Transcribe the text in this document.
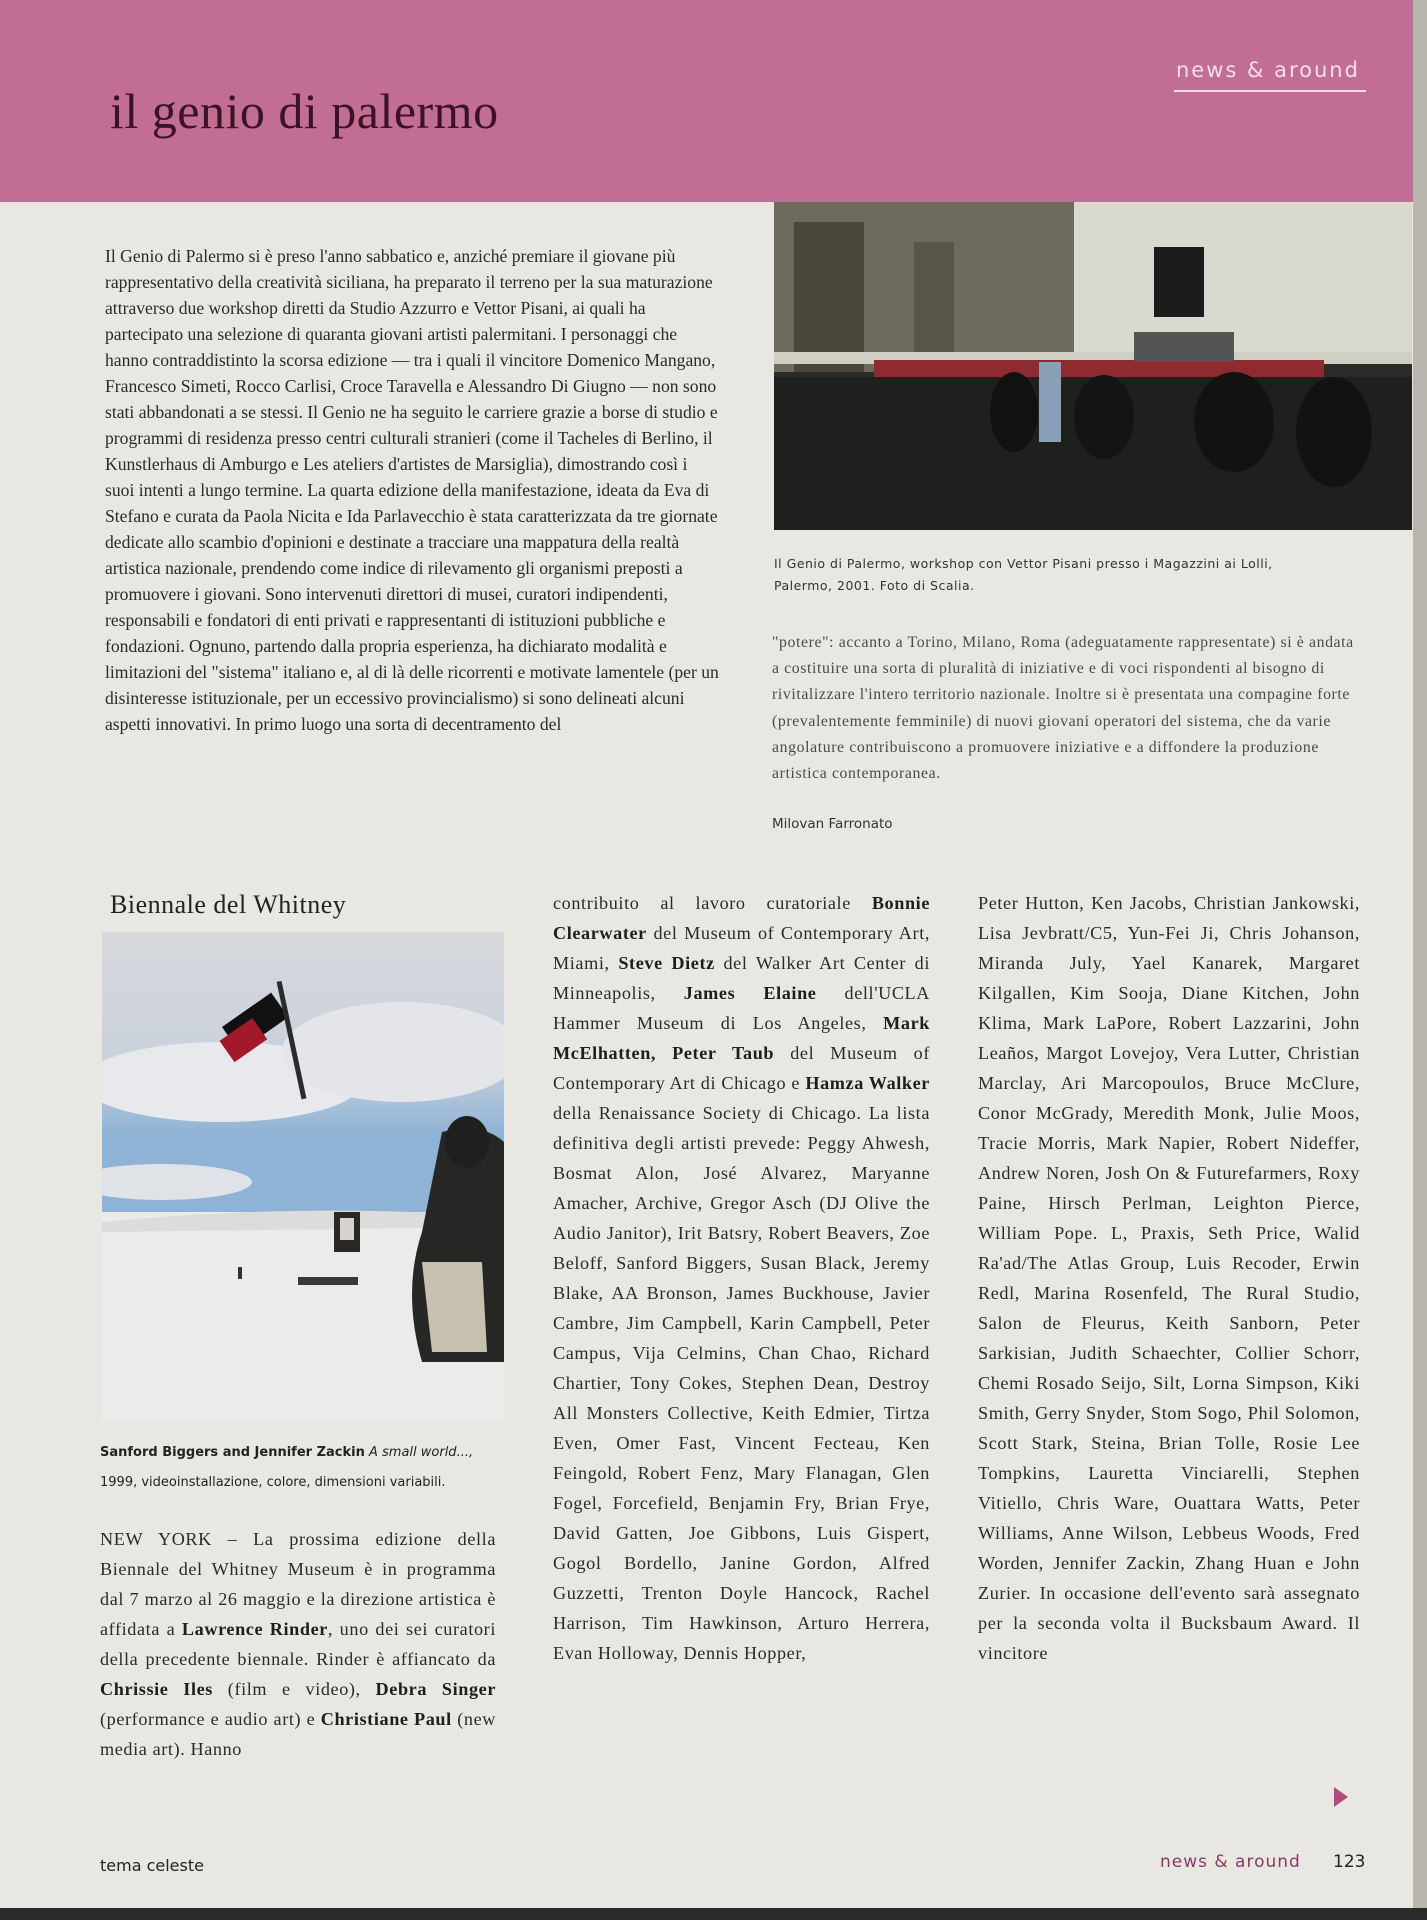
news & around
il genio di palermo

Il Genio di Palermo si è preso l'anno sabbatico e, anziché premiare il giovane più rappresentativo della creatività siciliana, ha preparato il terreno per la sua maturazione attraverso due workshop diretti da Studio Azzurro e Vettor Pisani, ai quali ha partecipato una selezione di quaranta giovani artisti palermitani. I personaggi che hanno contraddistinto la scorsa edizione — tra i quali il vincitore Domenico Mangano, Francesco Simeti, Rocco Carlisi, Croce Taravella e Alessandro Di Giugno — non sono stati abbandonati a se stessi. Il Genio ne ha seguito le carriere grazie a borse di studio e programmi di residenza presso centri culturali stranieri (come il Tacheles di Berlino, il Kunstlerhaus di Amburgo e Les ateliers d'artistes de Marsiglia), dimostrando così i suoi intenti a lungo termine. La quarta edizione della manifestazione, ideata da Eva di Stefano e curata da Paola Nicita e Ida Parlavecchio è stata caratterizzata da tre giornate dedicate allo scambio d'opinioni e destinate a tracciare una mappatura della realtà artistica nazionale, prendendo come indice di rilevamento gli organismi preposti a promuovere i giovani. Sono intervenuti direttori di musei, curatori indipendenti, responsabili e fondatori di enti privati e rappresentanti di istituzioni pubbliche e fondazioni. Ognuno, partendo dalla propria esperienza, ha dichiarato modalità e limitazioni del "sistema" italiano e, al di là delle ricorrenti e motivate lamentele (per un disinteresse istituzionale, per un eccessivo provincialismo) si sono delineati alcuni aspetti innovativi. In primo luogo una sorta di decentramento del

Il Genio di Palermo, workshop con Vettor Pisani presso i Magazzini ai Lolli, Palermo, 2001. Foto di Scalia.

"potere": accanto a Torino, Milano, Roma (adeguatamente rappresentate) si è andata a costituire una sorta di pluralità di iniziative e di voci rispondenti al bisogno di rivitalizzare l'intero territorio nazionale. Inoltre si è presentata una compagine forte (prevalentemente femminile) di nuovi giovani operatori del sistema, che da varie angolature contribuiscono a promuovere iniziative e a diffondere la produzione artistica contemporanea.

Milovan Farronato
Biennale del Whitney

Sanford Biggers and Jennifer Zackin A small world...,
1999, videoinstallazione, colore, dimensioni variabili.

NEW YORK – La prossima edizione della Biennale del Whitney Museum è in programma dal 7 marzo al 26 maggio e la direzione artistica è affidata a Lawrence Rinder, uno dei sei curatori della precedente biennale. Rinder è affiancato da Chrissie Iles (film e video), Debra Singer (performance e audio art) e Christiane Paul (new media art). Hanno

contribuito al lavoro curatoriale Bonnie Clearwater del Museum of Contemporary Art, Miami, Steve Dietz del Walker Art Center di Minneapolis, James Elaine dell'UCLA Hammer Museum di Los Angeles, Mark McElhatten, Peter Taub del Museum of Contemporary Art di Chicago e Hamza Walker della Renaissance Society di Chicago. La lista definitiva degli artisti prevede: Peggy Ahwesh, Bosmat Alon, José Alvarez, Maryanne Amacher, Archive, Gregor Asch (DJ Olive the Audio Janitor), Irit Batsry, Robert Beavers, Zoe Beloff, Sanford Biggers, Susan Black, Jeremy Blake, AA Bronson, James Buckhouse, Javier Cambre, Jim Campbell, Karin Campbell, Peter Campus, Vija Celmins, Chan Chao, Richard Chartier, Tony Cokes, Stephen Dean, Destroy All Monsters Collective, Keith Edmier, Tirtza Even, Omer Fast, Vincent Fecteau, Ken Feingold, Robert Fenz, Mary Flanagan, Glen Fogel, Forcefield, Benjamin Fry, Brian Frye, David Gatten, Joe Gibbons, Luis Gispert, Gogol Bordello, Janine Gordon, Alfred Guzzetti, Trenton Doyle Hancock, Rachel Harrison, Tim Hawkinson, Arturo Herrera, Evan Holloway, Dennis Hopper,

Peter Hutton, Ken Jacobs, Christian Jankowski, Lisa Jevbratt/C5, Yun-Fei Ji, Chris Johanson, Miranda July, Yael Kanarek, Margaret Kilgallen, Kim Sooja, Diane Kitchen, John Klima, Mark LaPore, Robert Lazzarini, John Leaños, Margot Lovejoy, Vera Lutter, Christian Marclay, Ari Marcopoulos, Bruce McClure, Conor McGrady, Meredith Monk, Julie Moos, Tracie Morris, Mark Napier, Robert Nideffer, Andrew Noren, Josh On & Futurefarmers, Roxy Paine, Hirsch Perlman, Leighton Pierce, William Pope. L, Praxis, Seth Price, Walid Ra'ad/The Atlas Group, Luis Recoder, Erwin Redl, Marina Rosenfeld, The Rural Studio, Salon de Fleurus, Keith Sanborn, Peter Sarkisian, Judith Schaechter, Collier Schorr, Chemi Rosado Seijo, Silt, Lorna Simpson, Kiki Smith, Gerry Snyder, Stom Sogo, Phil Solomon, Scott Stark, Steina, Brian Tolle, Rosie Lee Tompkins, Lauretta Vinciarelli, Stephen Vitiello, Chris Ware, Ouattara Watts, Peter Williams, Anne Wilson, Lebbeus Woods, Fred Worden, Jennifer Zackin, Zhang Huan e John Zurier. In occasione dell'evento sarà assegnato per la seconda volta il Bucksbaum Award. Il vincitore

tema celeste	news & around 123
